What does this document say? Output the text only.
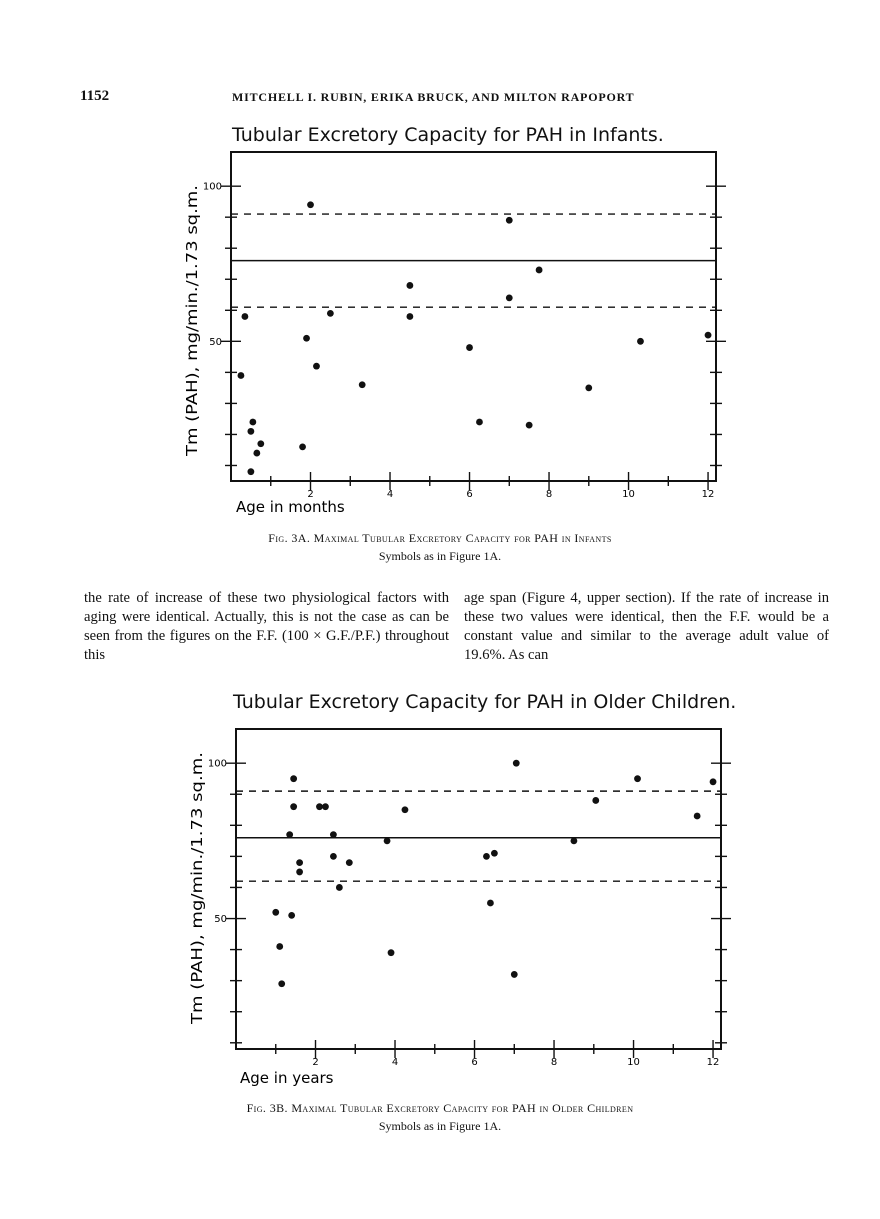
1152	MITCHELL I. RUBIN, ERIKA BRUCK, AND MILTON RAPOPORT
Tubular Excretory Capacity for PAH in Infants.
Tubular Excretory Capacity for PAH in Older Children.
50
100
2	4	6	8	10	12
Age in months
Tm (PAH), mg/min./1.73 sq.m.
50
100
2	4	6	8	10	12
Age in years
Tm (PAH), mg/min./1.73 sq.m.
Fig. 3A. Maximal Tubular Excretory Capacity for PAH in Infants
Symbols as in Figure 1A.
the rate of increase of these two physiological factors with aging were identical. Actually, this is not the case as can be seen from the figures on the F.F. (100 × G.F./P.F.) throughout this
age span (Figure 4, upper section). If the rate of increase in these two values were identical, then the F.F. would be a constant value and similar to the average adult value of 19.6%. As can
Fig. 3B. Maximal Tubular Excretory Capacity for PAH in Older Children
Symbols as in Figure 1A.
